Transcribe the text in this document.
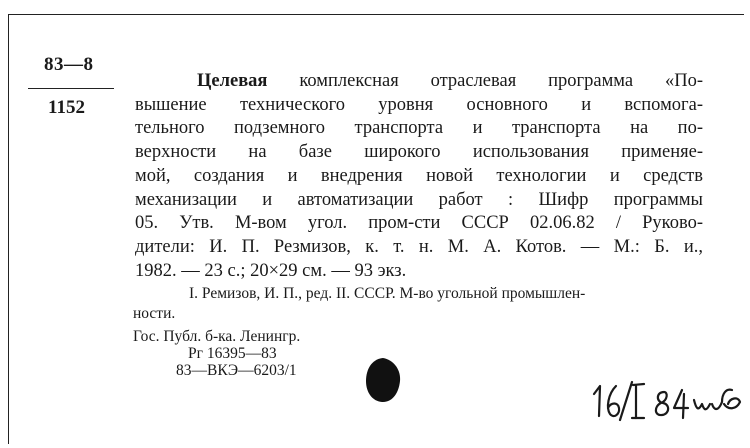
83—8
1152
Целевая комплексная отраслевая программа «По-
вышение технического уровня основного и вспомога-
тельного подземного транспорта и транспорта на по-
верхности на базе широкого использования применяе-
мой, создания и внедрения новой технологии и средств
механизации и автоматизации работ : Шифр программы
05. Утв. М-вом угол. пром-сти СССР 02.06.82 / Руково-
дители: И. П. Резмизов, к. т. н. М. А. Котов. — М.: Б. и.,
1982. — 23 с.; 20×29 см. — 93 экз.
I. Ремизов, И. П., ред. II. СССР. М-во угольной промышлен-
ности.
Гос. Публ. б-ка. Ленингр.
Рг 16395—83
83—ВКЭ—6203/1
